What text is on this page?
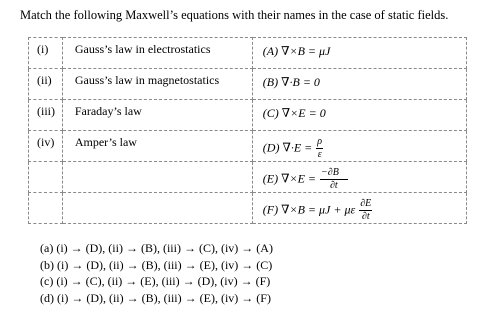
Match the following Maxwell’s equations with their names in the case of static fields.
(i)	Gauss’s law in electrostatics	(A) ∇×B = μJ

(ii)	Gauss’s law in magnetostatics	(B) ∇·B = 0

(iii)	Faraday’s law	(C) ∇×E = 0

(iv)	Amper’s law	(D) $\nabla\cdot E = \frac{\rho}{\varepsilon}$

		(E) $\nabla\times E = \frac{-\partial B⃗}{\partial t}$

		(F) ∇×B = μJ + με $\frac{\partial E}{\partial t}$
(a) (i) → (D), (ii) → (B), (iii) → (C), (iv) → (A)
(b) (i) → (D), (ii) → (B), (iii) → (E), (iv) → (C)
(c) (i) → (C), (ii) → (E), (iii) → (D), (iv) → (F)
(d) (i) → (D), (ii) → (B), (iii) → (E), (iv) → (F)
